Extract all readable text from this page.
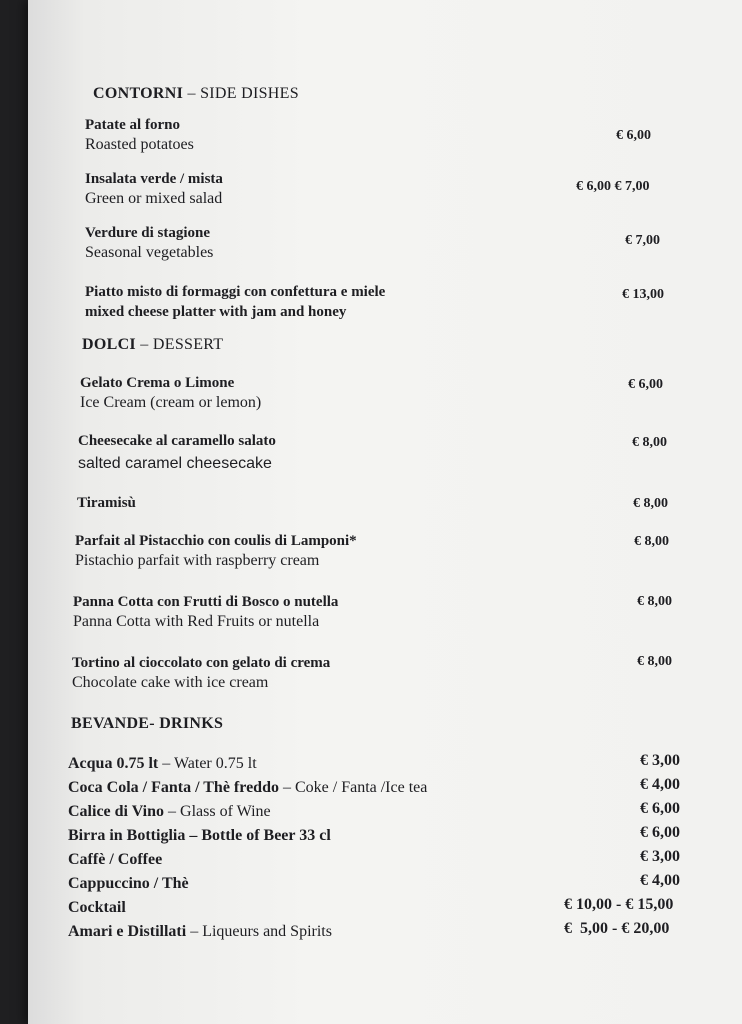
CONTORNI – SIDE DISHES
Patate al forno
Roasted potatoes
€ 6,00
Insalata verde / mista
Green or mixed salad
€ 6,00 € 7,00
Verdure di stagione
Seasonal vegetables
€ 7,00
Piatto misto di formaggi con confettura e miele
mixed cheese platter with jam and honey
€ 13,00
DOLCI – DESSERT
Gelato Crema o Limone
Ice Cream (cream or lemon)
€ 6,00
Cheesecake al caramello salato
salted caramel cheesecake
€ 8,00
Tiramisù	€ 8,00
Parfait al Pistacchio con coulis di Lamponi*
Pistachio parfait with raspberry cream
€ 8,00
Panna Cotta con Frutti di Bosco o nutella
Panna Cotta with Red Fruits or nutella
€ 8,00
Tortino al cioccolato con gelato di crema
Chocolate cake with ice cream
€ 8,00
BEVANDE- DRINKS
Acqua 0.75 lt – Water 0.75 lt	€ 3,00
Coca Cola / Fanta / Thè freddo – Coke / Fanta /Ice tea	€ 4,00
Calice di Vino – Glass of Wine	€ 6,00
Birra in Bottiglia – Bottle of Beer 33 cl	€ 6,00
Caffè / Coffee	€ 3,00
Cappuccino / Thè	€ 4,00
Cocktail	€ 10,00 - € 15,00
Amari e Distillati – Liqueurs and Spirits	€  5,00 - € 20,00
